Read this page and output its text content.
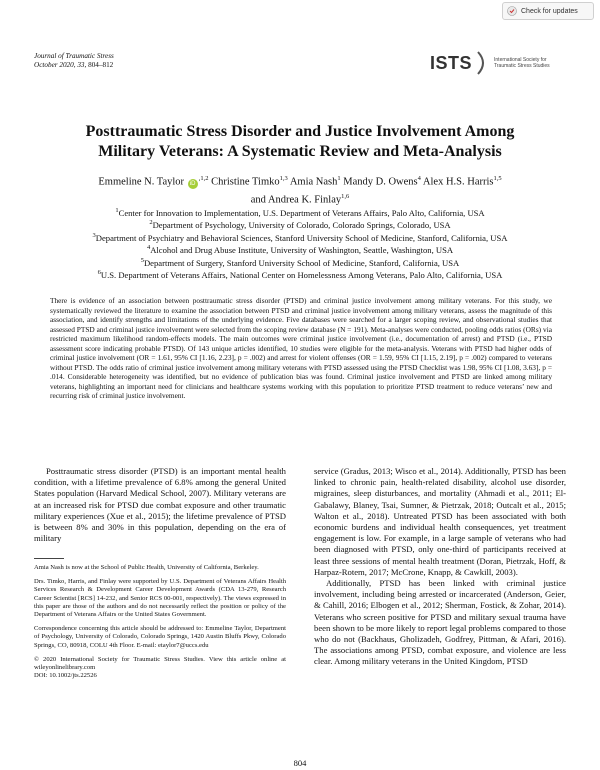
Check for updates
Journal of Traumatic Stress
October 2020, 33, 804–812	ISTS	International Society for Traumatic Stress Studies
Posttraumatic Stress Disorder and Justice Involvement Among
Military Veterans: A Systematic Review and Meta-Analysis
Emmeline N. Taylor $iD^{,1,2}$ Christine Timko$^{1,3}$ Amia Nash$^1$ Mandy D. Owens$^4$ Alex H.S. Harris$^{1,5}$
and Andrea K. Finlay$^{1,6}$
$^1$Center for Innovation to Implementation, U.S. Department of Veterans Affairs, Palo Alto, California, USA
$^2$Department of Psychology, University of Colorado, Colorado Springs, Colorado, USA
$^3$Department of Psychiatry and Behavioral Sciences, Stanford University School of Medicine, Stanford, California, USA
$^4$Alcohol and Drug Abuse Institute, University of Washington, Seattle, Washington, USA
$^5$Department of Surgery, Stanford University School of Medicine, Stanford, California, USA
$^6$U.S. Department of Veterans Affairs, National Center on Homelessness Among Veterans, Palo Alto, California, USA
There is evidence of an association between posttraumatic stress disorder (PTSD) and criminal justice involvement among military veterans. For this study, we systematically reviewed the literature to examine the association between PTSD and criminal justice involvement among military veterans, assess the magnitude of this association, and identify strengths and limitations of the underlying evidence. Five databases were searched for a larger scoping review, and observational studies that assessed PTSD and criminal justice involvement were selected from the scoping review database (N = 191). Meta-analyses were conducted, pooling odds ratios (ORs) via restricted maximum likelihood random-effects models. The main outcomes were criminal justice involvement (i.e., documentation of arrest) and PTSD (i.e., PTSD assessment score indicating probable PTSD). Of 143 unique articles identified, 10 studies were eligible for the meta-analysis. Veterans with PTSD had higher odds of criminal justice involvement (OR = 1.61, 95% CI [1.16, 2.23], p = .002) and arrest for violent offenses (OR = 1.59, 95% CI [1.15, 2.19], p = .002) compared to veterans without PTSD. The odds ratio of criminal justice involvement among military veterans with PTSD assessed using the PTSD Checklist was 1.98, 95% CI [1.08, 3.63], p = .014. Considerable heterogeneity was identified, but no evidence of publication bias was found. Criminal justice involvement and PTSD are linked among military veterans, highlighting an important need for clinicians and healthcare systems working with this population to prioritize PTSD treatment to reduce veterans’ new and recurring risk of criminal justice involvement.

Posttraumatic stress disorder (PTSD) is an important mental health condition, with a lifetime prevalence of 6.8% among the general United States population (Harvard Medical School, 2007). Military veterans are at an increased risk for PTSD due combat exposure and other traumatic military experiences (Xue et al., 2015); the lifetime prevalence of PTSD is between 8% and 30% in this population, depending on the era of military

service (Gradus, 2013; Wisco et al., 2014). Additionally, PTSD has been linked to chronic pain, health-related disability, alcohol use disorder, migraines, sleep disturbances, and mortality (Ahmadi et al., 2011; El-Gabalawy, Blaney, Tsai, Sumner, & Pietrzak, 2018; Outcalt et al., 2015; Walton et al., 2018). Untreated PTSD has been associated with both economic burdens and individual health consequences, yet treatment engagement is low. For example, in a large sample of veterans who had been diagnosed with PTSD, only one-third of participants received at least three sessions of mental health treatment (Doran, Pietrzak, Hoff, & Harpaz-Rotem, 2017; McCrone, Knapp, & Cawkill, 2003).

Additionally, PTSD has been linked with criminal justice involvement, including being arrested or incarcerated (Anderson, Geier, & Cahill, 2016; Elbogen et al., 2012; Sherman, Fostick, & Zohar, 2014). Veterans who screen positive for PTSD and military sexual trauma have been shown to be more likely to report legal problems compared to those who do not (Backhaus, Gholizadeh, Godfrey, Pittman, & Afari, 2016). The associations among PTSD, combat exposure, and violence are less clear. Among military veterans in the United Kingdom, PTSD

Amia Nash is now at the School of Public Health, University of California, Berkeley.

Drs. Timko, Harris, and Finlay were supported by U.S. Department of Veterans Affairs Health Services Research & Development Career Development Awards (CDA 13-279, Research Career Scientist [RCS] 14-232, and Senior RCS 00-001, respectively). The views expressed in this paper are those of the authors and do not necessarily reflect the position or policy of the Department of Veterans Affairs or the United States Government.

Correspondence concerning this article should be addressed to: Emmeline Taylor, Department of Psychology, University of Colorado, Colorado Springs, 1420 Austin Bluffs Pkwy, Colorado Springs, CO, 80918, COLU 4th Floor. E-mail: etaylor7@uccs.edu

© 2020 International Society for Traumatic Stress Studies. View this article online at wileyonlinelibrary.com

DOI: 10.1002/jts.22526

804
